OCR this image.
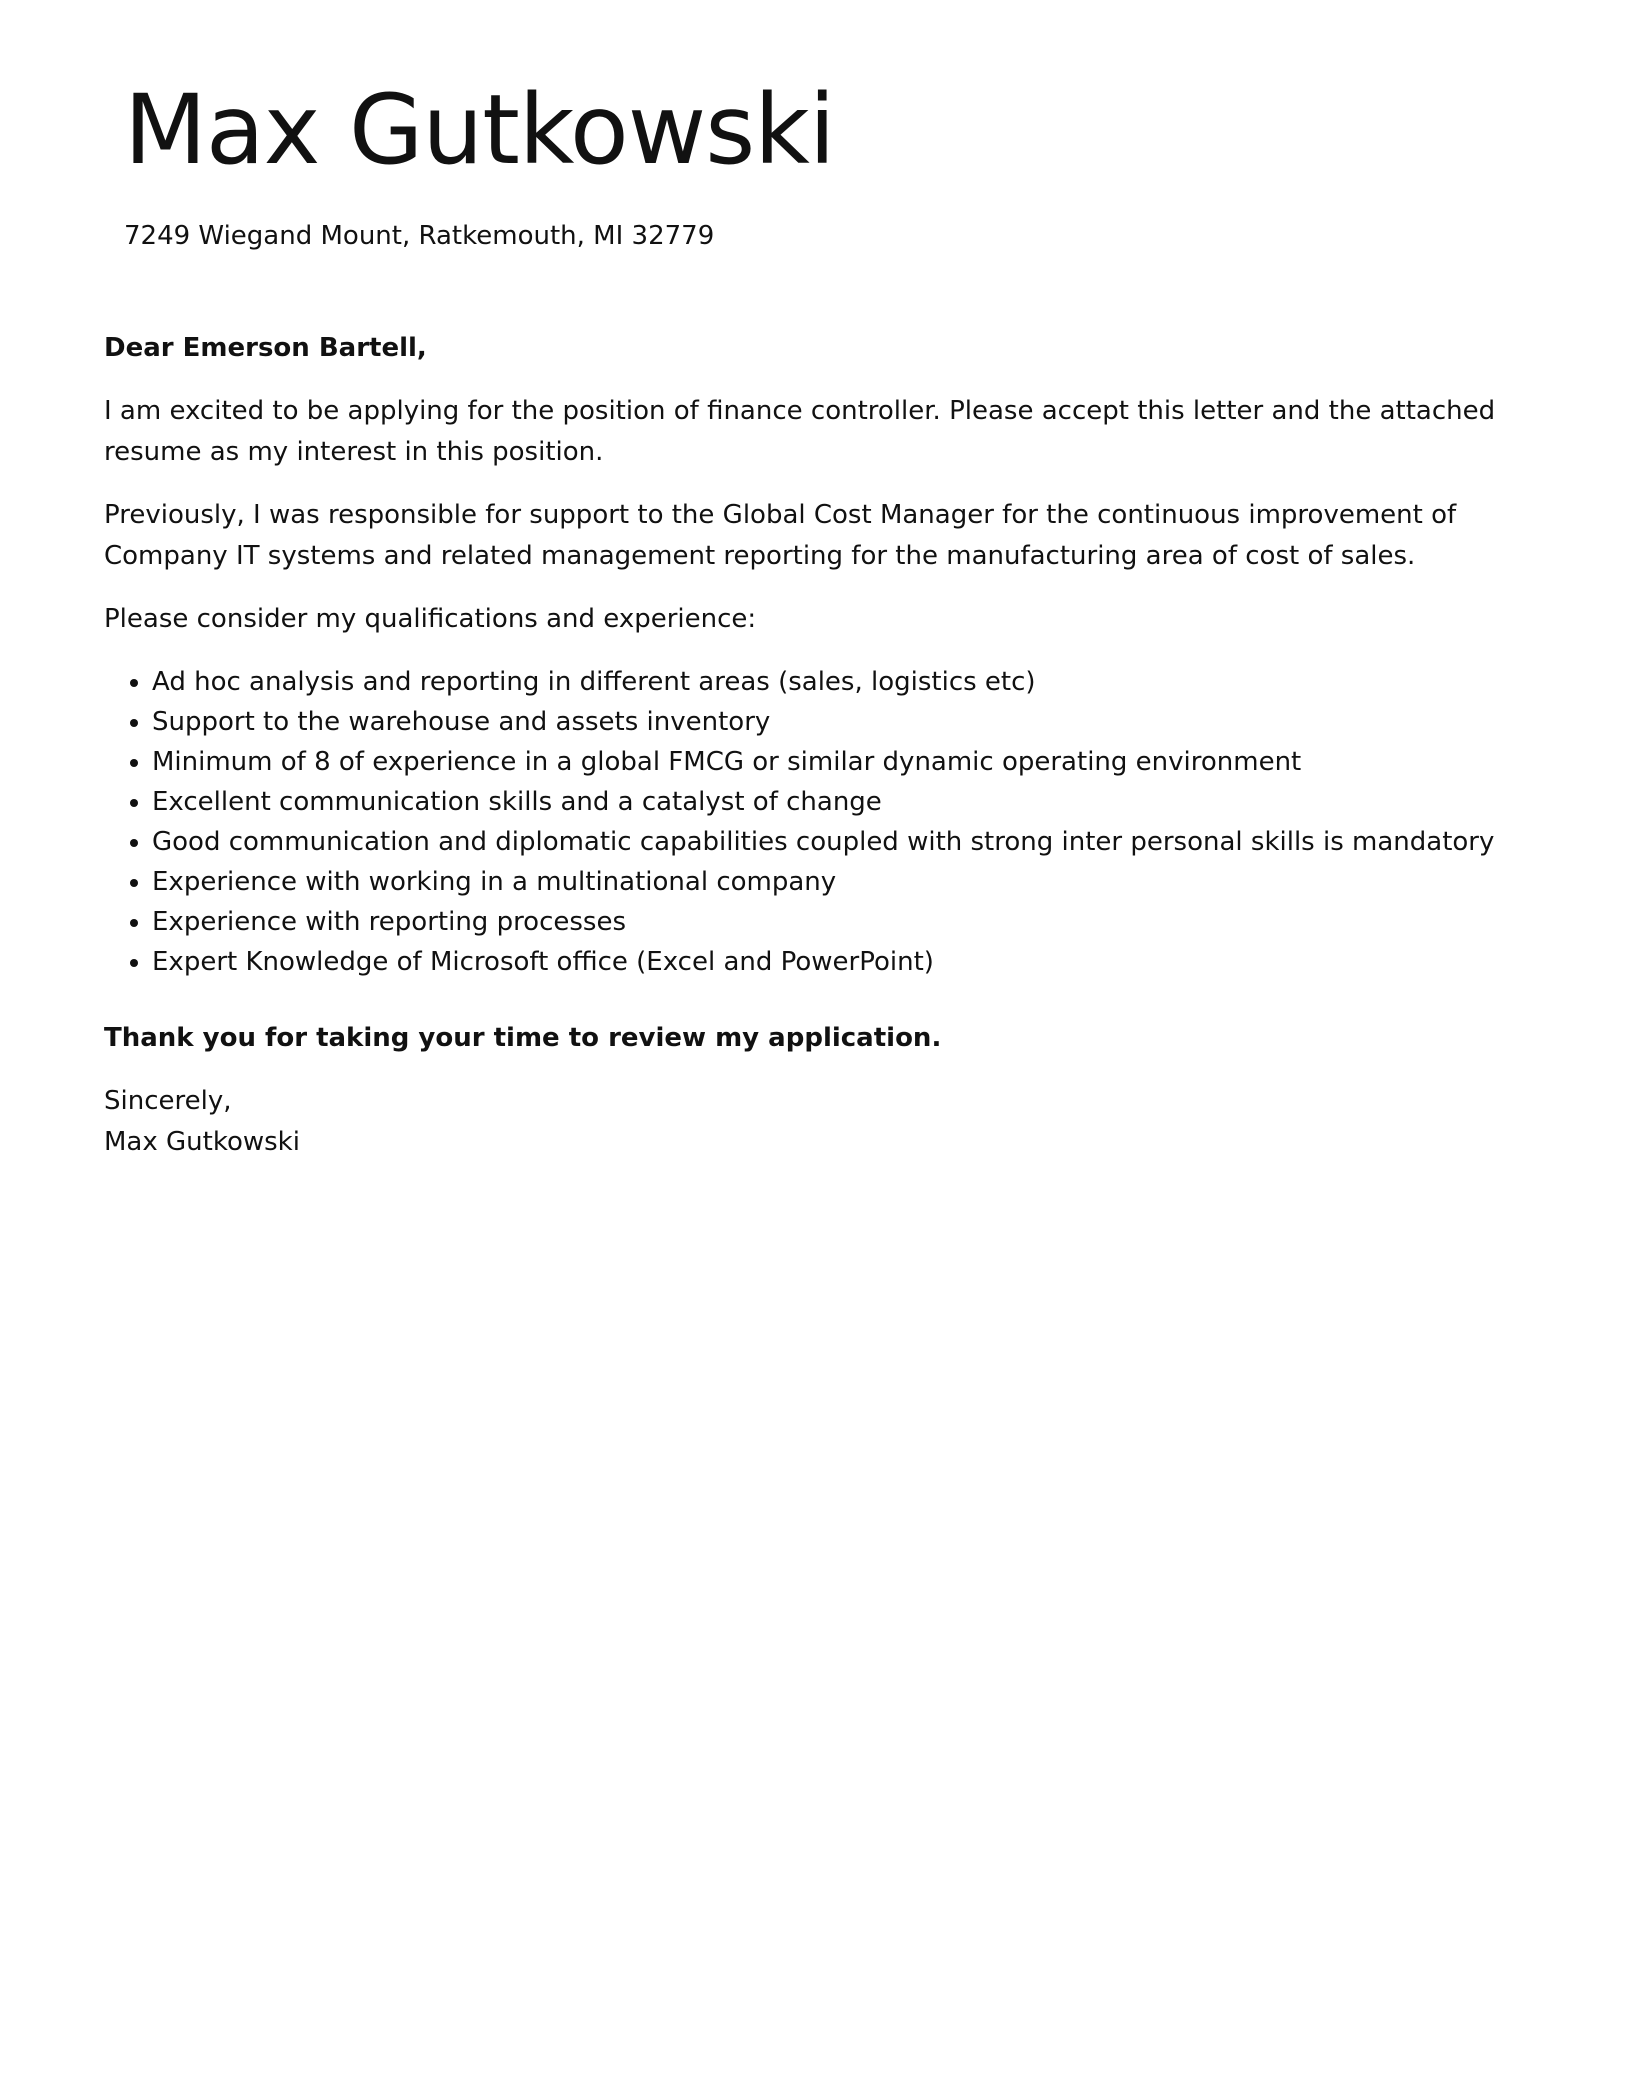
Max Gutkowski
7249 Wiegand Mount, Ratkemouth, MI 32779

Dear Emerson Bartell,

I am excited to be applying for the position of finance controller. Please accept this letter and the attached resume as my interest in this position.

Previously, I was responsible for support to the Global Cost Manager for the continuous improvement of Company IT systems and related management reporting for the manufacturing area of cost of sales.

Please consider my qualifications and experience:

• Ad hoc analysis and reporting in different areas (sales, logistics etc)
• Support to the warehouse and assets inventory
• Minimum of 8 of experience in a global FMCG or similar dynamic operating environment
• Excellent communication skills and a catalyst of change
• Good communication and diplomatic capabilities coupled with strong inter personal skills is mandatory
• Experience with working in a multinational company
• Experience with reporting processes
• Expert Knowledge of Microsoft office (Excel and PowerPoint)

Thank you for taking your time to review my application.

Sincerely,

Max Gutkowski
